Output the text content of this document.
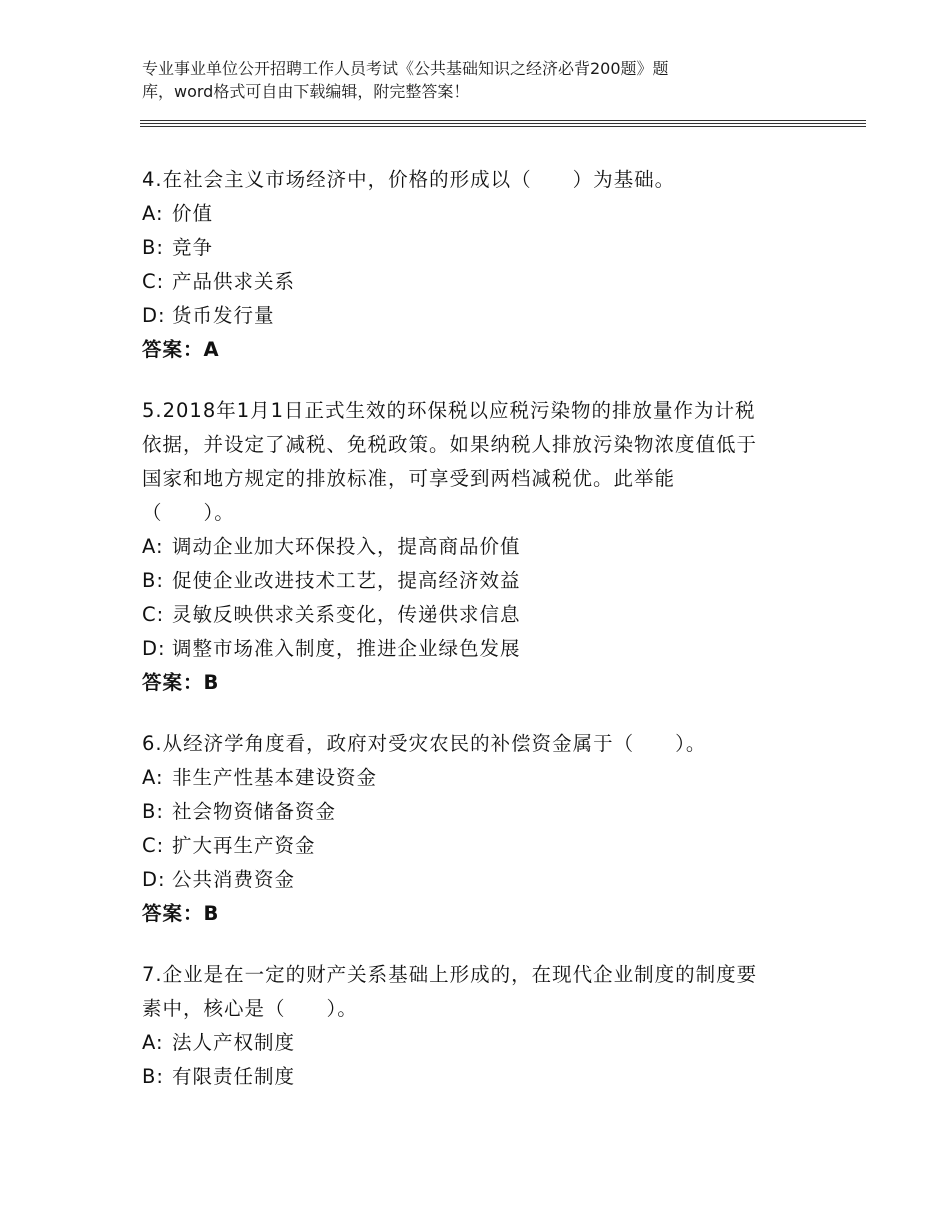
专业事业单位公开招聘工作人员考试《公共基础知识之经济必背200题》题
库，word格式可自由下载编辑，附完整答案！
4.在社会主义市场经济中，价格的形成以（　　）为基础。
A: 价值
B: 竞争
C: 产品供求关系
D: 货币发行量
答案：A
5.2018年1月1日正式生效的环保税以应税污染物的排放量作为计税
依据，并设定了减税、免税政策。如果纳税人排放污染物浓度值低于
国家和地方规定的排放标准，可享受到两档减税优。此举能
（　　）。
A: 调动企业加大环保投入，提高商品价值
B: 促使企业改进技术工艺，提高经济效益
C: 灵敏反映供求关系变化，传递供求信息
D: 调整市场准入制度，推进企业绿色发展
答案：B
6.从经济学角度看，政府对受灾农民的补偿资金属于（　　）。
A: 非生产性基本建设资金
B: 社会物资储备资金
C: 扩大再生产资金
D: 公共消费资金
答案：B
7.企业是在一定的财产关系基础上形成的，在现代企业制度的制度要
素中，核心是（　　）。
A: 法人产权制度
B: 有限责任制度
